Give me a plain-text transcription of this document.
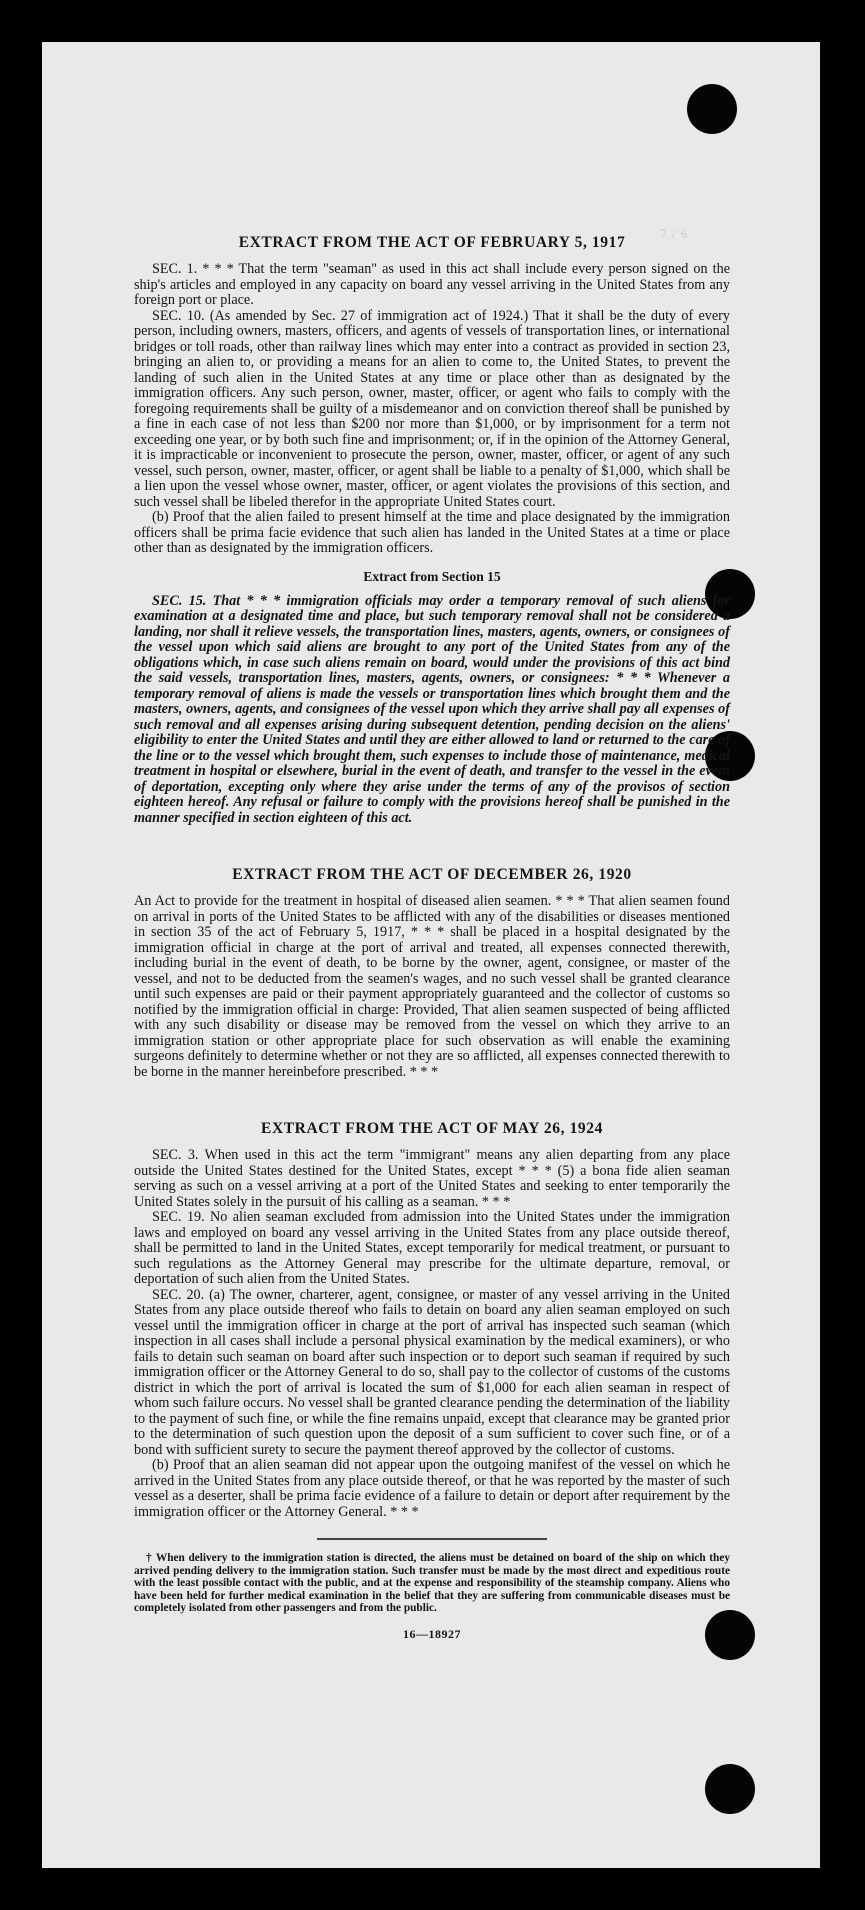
7 / 6
EXTRACT FROM THE ACT OF FEBRUARY 5, 1917

SEC. 1. * * * That the term "seaman" as used in this act shall include every person signed on the ship's articles and employed in any capacity on board any vessel arriving in the United States from any foreign port or place.

SEC. 10. (As amended by Sec. 27 of immigration act of 1924.) That it shall be the duty of every person, including owners, masters, officers, and agents of vessels of transportation lines, or international bridges or toll roads, other than railway lines which may enter into a contract as provided in section 23, bringing an alien to, or providing a means for an alien to come to, the United States, to prevent the landing of such alien in the United States at any time or place other than as designated by the immigration officers. Any such person, owner, master, officer, or agent who fails to comply with the foregoing requirements shall be guilty of a misdemeanor and on conviction thereof shall be punished by a fine in each case of not less than $200 nor more than $1,000, or by imprisonment for a term not exceeding one year, or by both such fine and imprisonment; or, if in the opinion of the Attorney General, it is impracticable or inconvenient to prosecute the person, owner, master, officer, or agent of any such vessel, such person, owner, master, officer, or agent shall be liable to a penalty of $1,000, which shall be a lien upon the vessel whose owner, master, officer, or agent violates the provisions of this section, and such vessel shall be libeled therefor in the appropriate United States court.

(b) Proof that the alien failed to present himself at the time and place designated by the immigration officers shall be prima facie evidence that such alien has landed in the United States at a time or place other than as designated by the immigration officers.

Extract from Section 15

SEC. 15. That * * * immigration officials may order a temporary removal of such aliens for examination at a designated time and place, but such temporary removal shall not be considered a landing, nor shall it relieve vessels, the transportation lines, masters, agents, owners, or consignees of the vessel upon which said aliens are brought to any port of the United States from any of the obligations which, in case such aliens remain on board, would under the provisions of this act bind the said vessels, transportation lines, masters, agents, owners, or consignees: * * * Whenever a temporary removal of aliens is made the vessels or transportation lines which brought them and the masters, owners, agents, and consignees of the vessel upon which they arrive shall pay all expenses of such removal and all expenses arising during subsequent detention, pending decision on the aliens' eligibility to enter the United States and until they are either allowed to land or returned to the care of the line or to the vessel which brought them, such expenses to include those of maintenance, medical treatment in hospital or elsewhere, burial in the event of death, and transfer to the vessel in the event of deportation, excepting only where they arise under the terms of any of the provisos of section eighteen hereof. Any refusal or failure to comply with the provisions hereof shall be punished in the manner specified in section eighteen of this act.

EXTRACT FROM THE ACT OF DECEMBER 26, 1920

An Act to provide for the treatment in hospital of diseased alien seamen. * * * That alien seamen found on arrival in ports of the United States to be afflicted with any of the disabilities or diseases mentioned in section 35 of the act of February 5, 1917, * * * shall be placed in a hospital designated by the immigration official in charge at the port of arrival and treated, all expenses connected therewith, including burial in the event of death, to be borne by the owner, agent, consignee, or master of the vessel, and not to be deducted from the seamen's wages, and no such vessel shall be granted clearance until such expenses are paid or their payment appropriately guaranteed and the collector of customs so notified by the immigration official in charge: Provided, That alien seamen suspected of being afflicted with any such disability or disease may be removed from the vessel on which they arrive to an immigration station or other appropriate place for such observation as will enable the examining surgeons definitely to determine whether or not they are so afflicted, all expenses connected therewith to be borne in the manner hereinbefore prescribed. * * *

EXTRACT FROM THE ACT OF MAY 26, 1924

SEC. 3. When used in this act the term "immigrant" means any alien departing from any place outside the United States destined for the United States, except * * * (5) a bona fide alien seaman serving as such on a vessel arriving at a port of the United States and seeking to enter temporarily the United States solely in the pursuit of his calling as a seaman. * * *

SEC. 19. No alien seaman excluded from admission into the United States under the immigration laws and employed on board any vessel arriving in the United States from any place outside thereof, shall be permitted to land in the United States, except temporarily for medical treatment, or pursuant to such regulations as the Attorney General may prescribe for the ultimate departure, removal, or deportation of such alien from the United States.

SEC. 20. (a) The owner, charterer, agent, consignee, or master of any vessel arriving in the United States from any place outside thereof who fails to detain on board any alien seaman employed on such vessel until the immigration officer in charge at the port of arrival has inspected such seaman (which inspection in all cases shall include a personal physical examination by the medical examiners), or who fails to detain such seaman on board after such inspection or to deport such seaman if required by such immigration officer or the Attorney General to do so, shall pay to the collector of customs of the customs district in which the port of arrival is located the sum of $1,000 for each alien seaman in respect of whom such failure occurs. No vessel shall be granted clearance pending the determination of the liability to the payment of such fine, or while the fine remains unpaid, except that clearance may be granted prior to the determination of such question upon the deposit of a sum sufficient to cover such fine, or of a bond with sufficient surety to secure the payment thereof approved by the collector of customs.

(b) Proof that an alien seaman did not appear upon the outgoing manifest of the vessel on which he arrived in the United States from any place outside thereof, or that he was reported by the master of such vessel as a deserter, shall be prima facie evidence of a failure to detain or deport after requirement by the immigration officer or the Attorney General. * * *

† When delivery to the immigration station is directed, the aliens must be detained on board of the ship on which they arrived pending delivery to the immigration station. Such transfer must be made by the most direct and expeditious route with the least possible contact with the public, and at the expense and responsibility of the steamship company. Aliens who have been held for further medical examination in the belief that they are suffering from communicable diseases must be completely isolated from other passengers and from the public.

16—18927
